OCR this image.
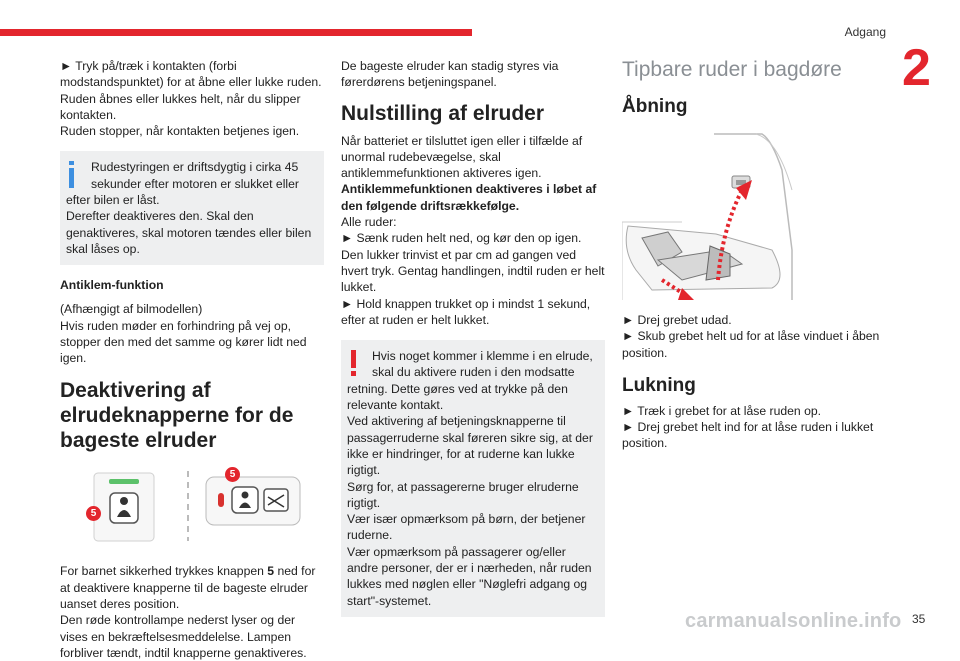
Adgang
2
► Tryk på/træk i kontakten (forbi modstandspunktet) for at åbne eller lukke ruden.
Ruden åbnes eller lukkes helt, når du slipper kontakten.
Ruden stopper, når kontakten betjenes igen.
Rudestyringen er driftsdygtig i cirka 45 sekunder efter motoren er slukket eller efter bilen er låst.
Derefter deaktiveres den. Skal den genaktiveres, skal motoren tændes eller bilen skal låses op.
Antiklem-funktion
(Afhængigt af bilmodellen)
Hvis ruden møder en forhindring på vej op, stopper den med det samme og kører lidt ned igen.
Deaktivering af elrudeknapperne for de bageste elruder
5
5
For barnet sikkerhed trykkes knappen 5 ned for at deaktivere knapperne til de bageste elruder uanset deres position.
Den røde kontrollampe nederst lyser og der vises en bekræftelsesmeddelelse. Lampen forbliver tændt, indtil knapperne genaktiveres.
De bageste elruder kan stadig styres via førerdørens betjeningspanel.
Nulstilling af elruder
Når batteriet er tilsluttet igen eller i tilfælde af unormal rudebevægelse, skal antiklemmefunktionen aktiveres igen.
Antiklemmefunktionen deaktiveres i løbet af den følgende driftsrækkefølge.
Alle ruder:
► Sænk ruden helt ned, og kør den op igen.
Den lukker trinvist et par cm ad gangen ved hvert tryk. Gentag handlingen, indtil ruden er helt lukket.
► Hold knappen trukket op i mindst 1 sekund, efter at ruden er helt lukket.
Hvis noget kommer i klemme i en elrude, skal du aktivere ruden i den modsatte retning. Dette gøres ved at trykke på den relevante kontakt.
Ved aktivering af betjeningsknapperne til passagerruderne skal føreren sikre sig, at der ikke er hindringer, for at ruderne kan lukke rigtigt.
Sørg for, at passagererne bruger elruderne rigtigt.
Vær især opmærksom på børn, der betjener ruderne.
Vær opmærksom på passagerer og/eller andre personer, der er i nærheden, når ruden lukkes med nøglen eller "Nøglefri adgang og start"-systemet.
Tipbare ruder i bagdøre
Åbning
► Drej grebet udad.
► Skub grebet helt ud for at låse vinduet i åben position.
Lukning
► Træk i grebet for at låse ruden op.
► Drej grebet helt ind for at låse ruden i lukket position.
carmanualsonline.info 35
